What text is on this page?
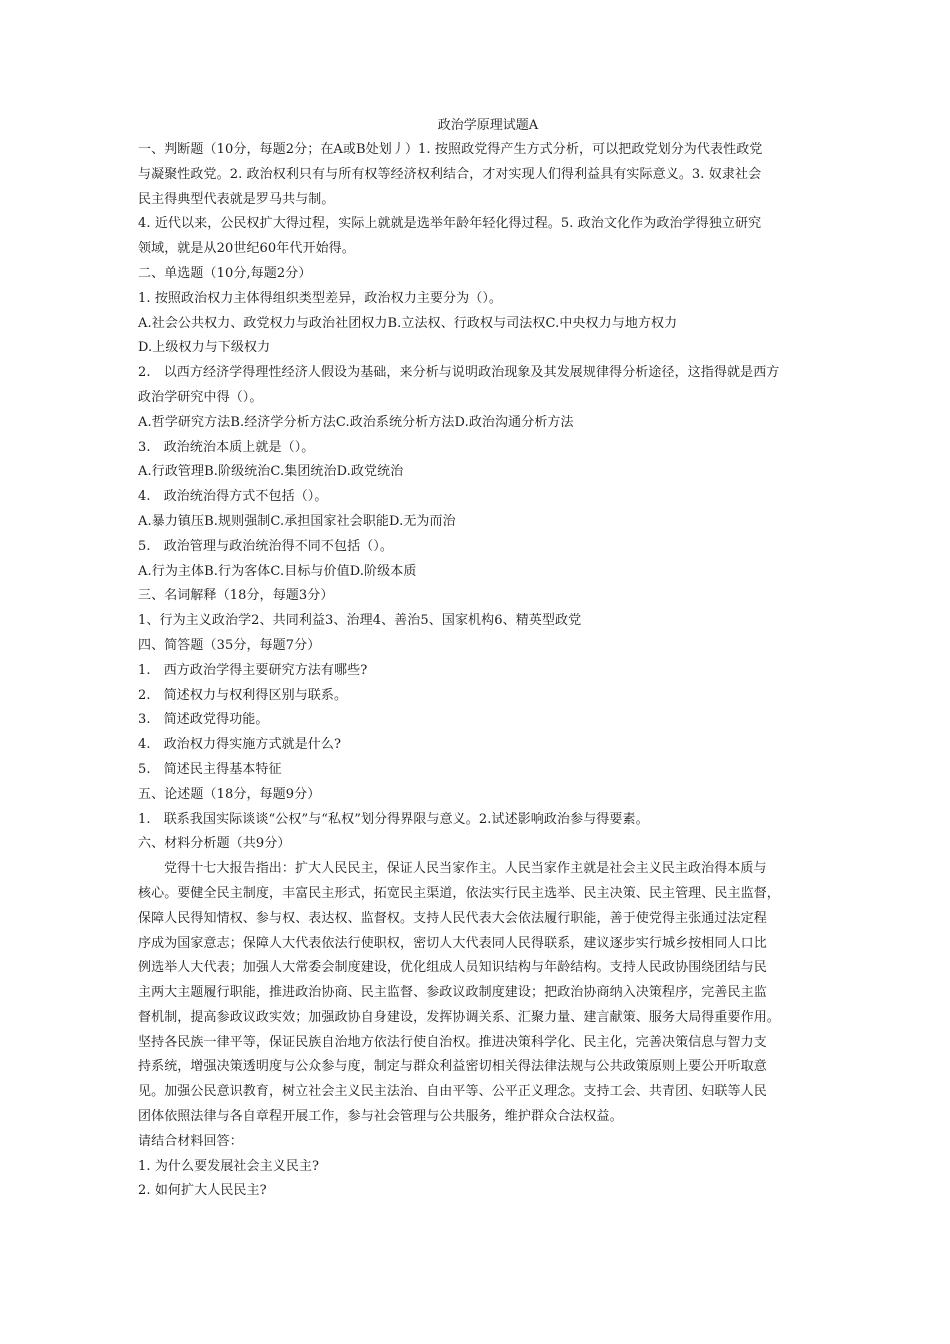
政治学原理试题A
一、判断题（10分，每题2分；在A或B处划丿）1. 按照政党得产生方式分析，可以把政党划分为代表性政党
与凝聚性政党。2. 政治权利只有与所有权等经济权利结合，才对实现人们得利益具有实际意义。3. 奴隶社会
民主得典型代表就是罗马共与制。
4. 近代以来，公民权扩大得过程，实际上就就是选举年龄年轻化得过程。5. 政治文化作为政治学得独立研究
领域，就是从20世纪60年代开始得。
二、单选题（10分,每题2分）
1. 按照政治权力主体得组织类型差异，政治权力主要分为（）。
A.社会公共权力、政党权力与政治社团权力B.立法权、行政权与司法权C.中央权力与地方权力
D.上级权力与下级权力
2.　以西方经济学得理性经济人假设为基础，来分析与说明政治现象及其发展规律得分析途径，这指得就是西方
政治学研究中得（）。
A.哲学研究方法B.经济学分析方法C.政治系统分析方法D.政治沟通分析方法
3.　政治统治本质上就是（）。
A.行政管理B.阶级统治C.集团统治D.政党统治
4.　政治统治得方式不包括（）。
A.暴力镇压B.规则强制C.承担国家社会职能D.无为而治
5.　政治管理与政治统治得不同不包括（）。
A.行为主体B.行为客体C.目标与价值D.阶级本质
三、名词解释（18分，每题3分）
1、行为主义政治学2、共同利益3、治理4、善治5、国家机构6、精英型政党
四、简答题（35分，每题7分）
1.　西方政治学得主要研究方法有哪些?
2.　简述权力与权利得区别与联系。
3.　简述政党得功能。
4.　政治权力得实施方式就是什么?
5.　简述民主得基本特征
五、论述题（18分，每题9分）
1.　联系我国实际谈谈“公权”与“私权”划分得界限与意义。2.试述影响政治参与得要素。
六、材料分析题（共9分）
党得十七大报告指出：扩大人民民主，保证人民当家作主。人民当家作主就是社会主义民主政治得本质与
核心。要健全民主制度，丰富民主形式，拓宽民主渠道，依法实行民主选举、民主决策、民主管理、民主监督，
保障人民得知情权、参与权、表达权、监督权。支持人民代表大会依法履行职能，善于使党得主张通过法定程
序成为国家意志；保障人大代表依法行使职权，密切人大代表同人民得联系，建议逐步实行城乡按相同人口比
例选举人大代表；加强人大常委会制度建设，优化组成人员知识结构与年龄结构。支持人民政协围绕团结与民
主两大主题履行职能，推进政治协商、民主监督、参政议政制度建设；把政治协商纳入决策程序，完善民主监
督机制，提高参政议政实效；加强政协自身建设，发挥协调关系、汇聚力量、建言献策、服务大局得重要作用。
坚持各民族一律平等，保证民族自治地方依法行使自治权。推进决策科学化、民主化，完善决策信息与智力支
持系统，增强决策透明度与公众参与度，制定与群众利益密切相关得法律法规与公共政策原则上要公开听取意
见。加强公民意识教育，树立社会主义民主法治、自由平等、公平正义理念。支持工会、共青团、妇联等人民
团体依照法律与各自章程开展工作，参与社会管理与公共服务，维护群众合法权益。
请结合材料回答：
1. 为什么要发展社会主义民主?
2. 如何扩大人民民主?
